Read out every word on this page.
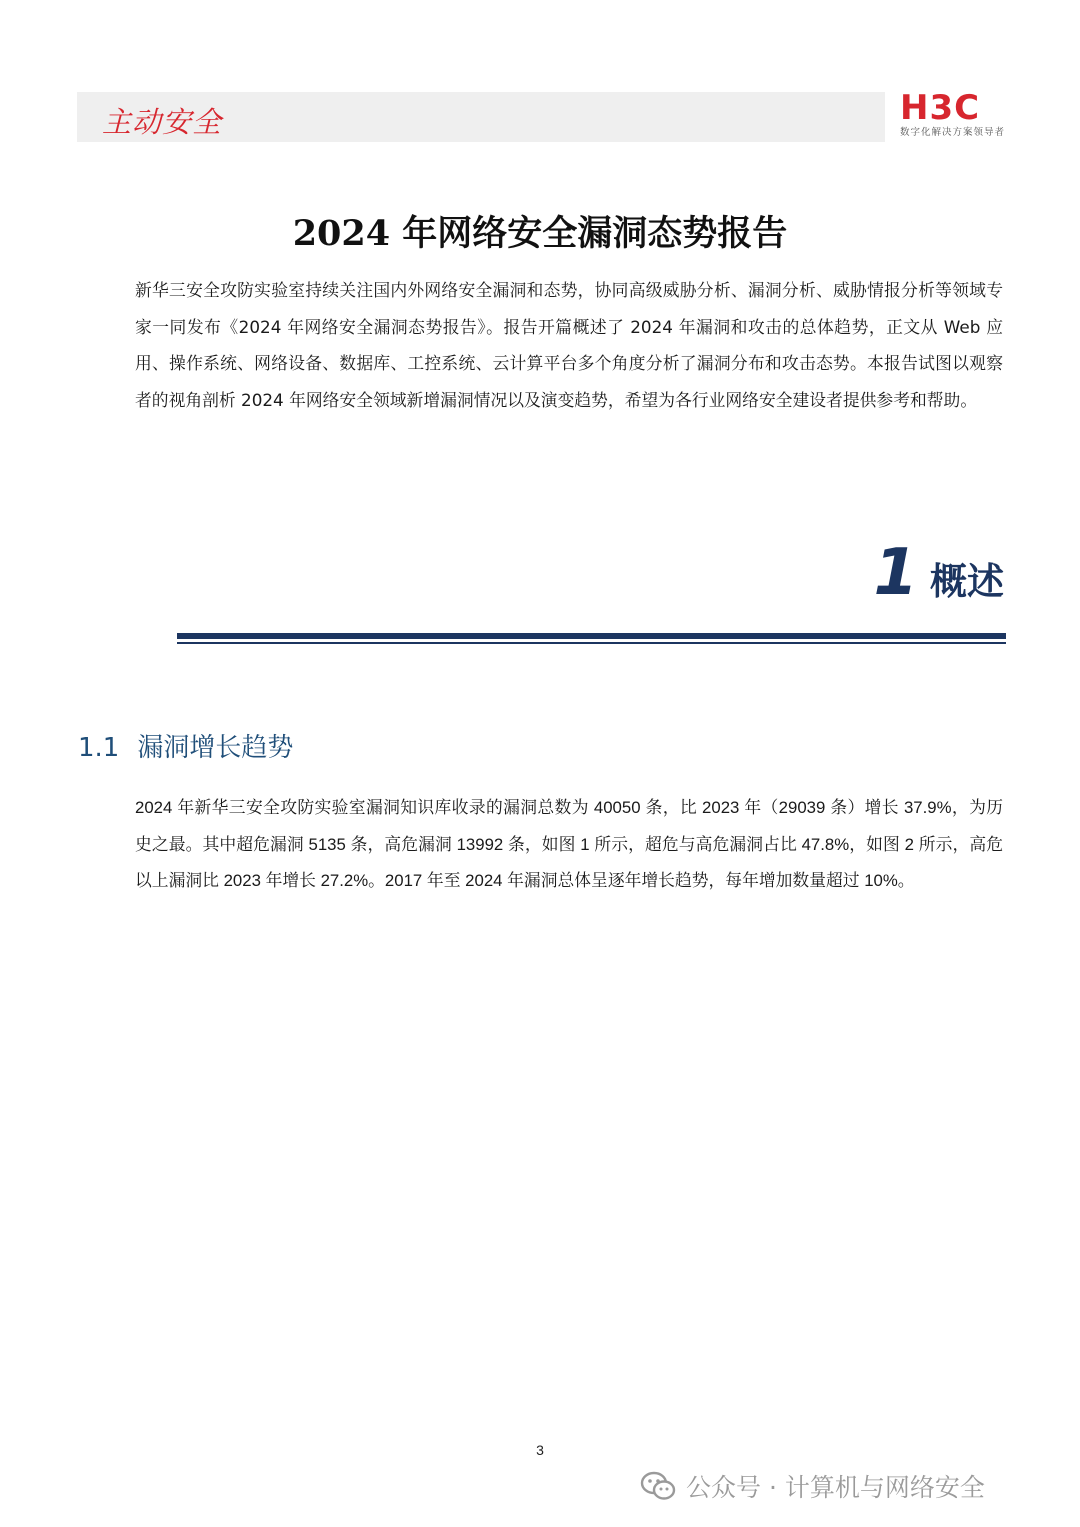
主动安全	H3C
数字化解决方案领导者
2024 年网络安全漏洞态势报告
新华三安全攻防实验室持续关注国内外网络安全漏洞和态势，协同高级威胁分析、漏洞分析、威胁情报分析等领域专家一同发布《2024 年网络安全漏洞态势报告》。报告开篇概述了 2024 年漏洞和攻击的总体趋势，正文从 Web 应用、操作系统、网络设备、数据库、工控系统、云计算平台多个角度分析了漏洞分布和攻击态势。本报告试图以观察者的视角剖析 2024 年网络安全领域新增漏洞情况以及演变趋势，希望为各行业网络安全建设者提供参考和帮助。
1 概述
1.1 漏洞增长趋势
2024 年新华三安全攻防实验室漏洞知识库收录的漏洞总数为 40050 条，比 2023 年（29039 条）增长 37.9%，为历史之最。其中超危漏洞 5135 条，高危漏洞 13992 条，如图 1 所示，超危与高危漏洞占比 47.8%，如图 2 所示，高危以上漏洞比 2023 年增长 27.2%。2017 年至 2024 年漏洞总体呈逐年增长趋势，每年增加数量超过 10%。
3
公众号 · 计算机与网络安全
